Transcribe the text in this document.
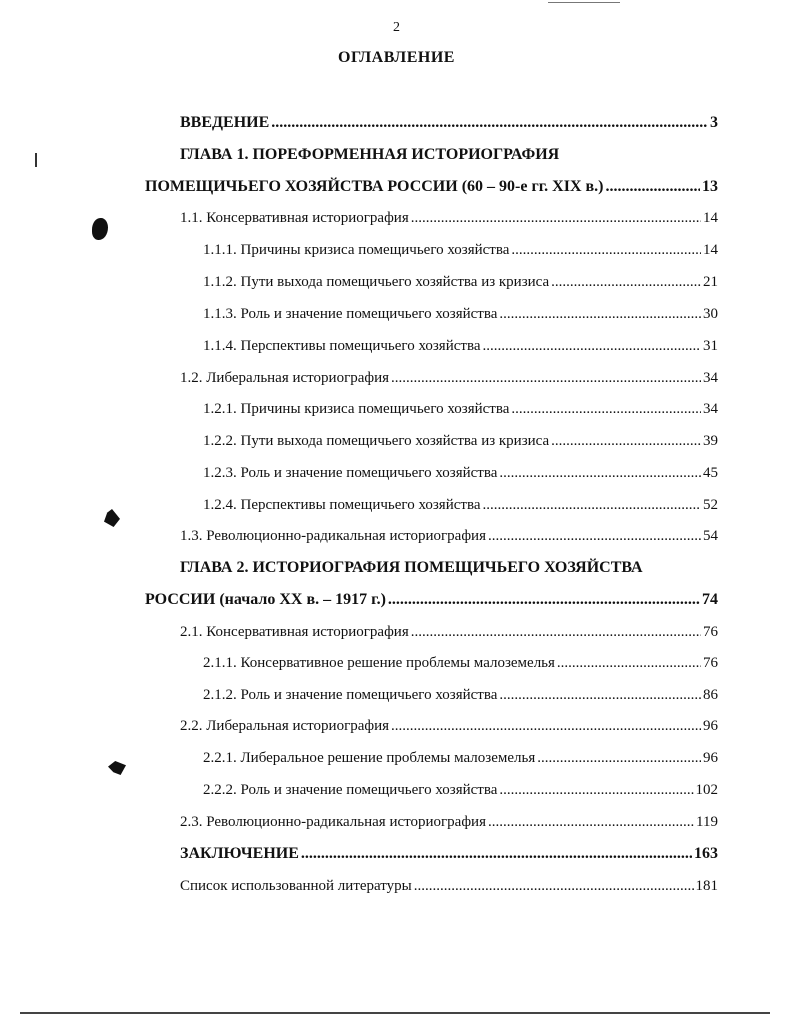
2
ОГЛАВЛЕНИЕ
ВВЕДЕНИЕ .....	3
ГЛАВА 1. ПОРЕФОРМЕННАЯ ИСТОРИОГРАФИЯ
ПОМЕЩИЧЬЕГО ХОЗЯЙСТВА РОССИИ (60 – 90-е гг. XIX в.) .....	13
1.1. Консервативная историография .....	14
1.1.1. Причины кризиса помещичьего хозяйства .....	14
1.1.2. Пути выхода помещичьего хозяйства из кризиса .....	21
1.1.3. Роль и значение помещичьего хозяйства .....	30
1.1.4. Перспективы помещичьего хозяйства .....	31
1.2. Либеральная историография .....	34
1.2.1. Причины кризиса помещичьего хозяйства .....	34
1.2.2. Пути выхода помещичьего хозяйства из кризиса .....	39
1.2.3. Роль и значение помещичьего хозяйства .....	45
1.2.4. Перспективы помещичьего хозяйства .....	52
1.3. Революционно-радикальная историография .....	54
ГЛАВА 2. ИСТОРИОГРАФИЯ ПОМЕЩИЧЬЕГО ХОЗЯЙСТВА
РОССИИ (начало XX в. – 1917 г.) .....	74
2.1. Консервативная историография .....	76
2.1.1. Консервативное решение проблемы малоземелья .....	76
2.1.2. Роль и значение помещичьего хозяйства .....	86
2.2. Либеральная историография .....	96
2.2.1. Либеральное решение проблемы малоземелья .....	96
2.2.2. Роль и значение помещичьего хозяйства .....	102
2.3. Революционно-радикальная историография .....	119
ЗАКЛЮЧЕНИЕ .....	163
Список использованной литературы .....	181
